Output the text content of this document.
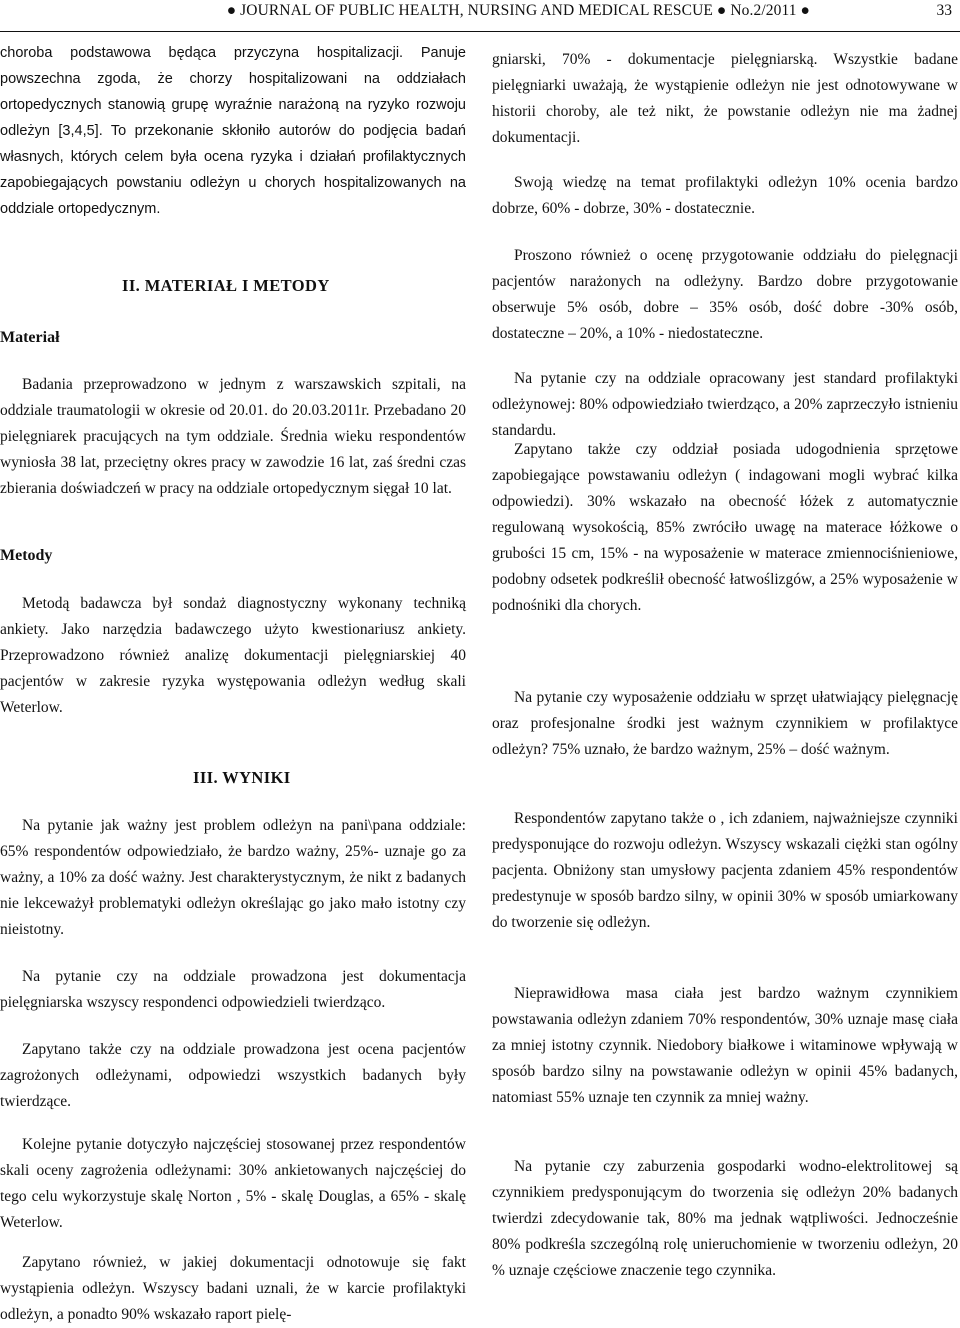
● JOURNAL OF PUBLIC HEALTH, NURSING AND MEDICAL RESCUE ● No.2/2011 ●	33

choroba podstawowa będąca przyczyna hospitalizacji. Panuje powszechna zgoda, że chorzy hospitalizowani na oddziałach ortopedycznych stanowią grupę wyraźnie narażoną na ryzyko rozwoju odleżyn [3,4,5]. To przekonanie skłoniło autorów do podjęcia badań własnych, których celem była ocena ryzyka i działań profilaktycznych zapobiegających powstaniu odleżyn u chorych hospitalizowanych na oddziale ortopedycznym.

II. MATERIAŁ I METODY
Materiał

Badania przeprowadzono w jednym z warszawskich szpitali, na oddziale traumatologii w okresie od 20.01. do 20.03.2011r. Przebadano 20 pielęgniarek pracujących na tym oddziale. Średnia wieku respondentów wyniosła 38 lat, przeciętny okres pracy w zawodzie 16 lat, zaś średni czas zbierania doświadczeń w pracy na oddziale ortopedycznym sięgał 10 lat.

Metody

Metodą badawcza był sondaż diagnostyczny wykonany techniką ankiety. Jako narzędzia badawczego użyto kwestionariusz ankiety. Przeprowadzono również analizę dokumentacji pielęgniarskiej 40 pacjentów w zakresie ryzyka występowania odleżyn według skali Weterlow.

III. WYNIKI

Na pytanie jak ważny jest problem odleżyn na pani\pana oddziale: 65% respondentów odpowiedziało, że bardzo ważny, 25%- uznaje go za ważny, a 10% za dość ważny. Jest charakterystycznym, że nikt z badanych nie lekceważył problematyki odleżyn określając go jako mało istotny czy nieistotny.

Na pytanie czy na oddziale prowadzona jest dokumentacja pielęgniarska wszyscy respondenci odpowiedzieli twierdząco.

Zapytano także czy na oddziale prowadzona jest ocena pacjentów zagrożonych odleżynami, odpowiedzi wszystkich badanych były twierdzące.

Kolejne pytanie dotyczyło najczęściej stosowanej przez respondentów skali oceny zagrożenia odleżynami: 30% ankietowanych najczęściej do tego celu wykorzystuje skalę Norton , 5% - skalę Douglas, a 65% - skalę Weterlow.

Zapytano również, w jakiej dokumentacji odnotowuje się fakt wystąpienia odleżyn. Wszyscy badani uznali, że w karcie profilaktyki odleżyn, a ponadto 90% wskazało raport pielę-

gniarski, 70% - dokumentacje pielęgniarską. Wszystkie badane pielęgniarki uważają, że wystąpienie odleżyn nie jest odnotowywane w historii choroby, ale też nikt, że powstanie odleżyn nie ma żadnej dokumentacji.

Swoją wiedzę na temat profilaktyki odleżyn 10% ocenia bardzo dobrze, 60% - dobrze, 30% - dostatecznie.

Proszono również o ocenę przygotowanie oddziału do pielęgnacji pacjentów narażonych na odleżyny. Bardzo dobre przygotowanie obserwuje 5% osób, dobre – 35% osób, dość dobre -30% osób, dostateczne – 20%, a 10% - niedostateczne.

Na pytanie czy na oddziale opracowany jest standard profilaktyki odleżynowej: 80% odpowiedziało twierdząco, a 20% zaprzeczyło istnieniu standardu.

Zapytano także czy oddział posiada udogodnienia sprzętowe zapobiegające powstawaniu odleżyn ( indagowani mogli wybrać kilka odpowiedzi). 30% wskazało na obecność łóżek z automatycznie regulowaną wysokością, 85% zwróciło uwagę na materace łóżkowe o grubości 15 cm, 15% - na wyposażenie w materace zmiennociśnieniowe, podobny odsetek podkreślił obecność łatwoślizgów, a 25% wyposażenie w podnośniki dla chorych.

Na pytanie czy wyposażenie oddziału w sprzęt ułatwiający pielęgnację oraz profesjonalne środki jest ważnym czynnikiem w profilaktyce odleżyn? 75% uznało, że bardzo ważnym, 25% – dość ważnym.

Respondentów zapytano także o , ich zdaniem, najważniejsze czynniki predysponujące do rozwoju odleżyn. Wszyscy wskazali ciężki stan ogólny pacjenta. Obniżony stan umysłowy pacjenta zdaniem 45% respondentów predestynuje w sposób bardzo silny, w opinii 30% w sposób umiarkowany do tworzenie się odleżyn.

Nieprawidłowa masa ciała jest bardzo ważnym czynnikiem powstawania odleżyn zdaniem 70% respondentów, 30% uznaje masę ciała za mniej istotny czynnik. Niedobory białkowe i witaminowe wpływają w sposób bardzo silny na powstawanie odleżyn w opinii 45% badanych, natomiast 55% uznaje ten czynnik za mniej ważny.

Na pytanie czy zaburzenia gospodarki wodno-elektrolitowej są czynnikiem predysponującym do tworzenia się odleżyn 20% badanych twierdzi zdecydowanie tak, 80% ma jednak wątpliwości. Jednocześnie 80% podkreśla szczególną rolę unieruchomienie w tworzeniu odleżyn, 20 % uznaje częściowe znaczenie tego czynnika.
